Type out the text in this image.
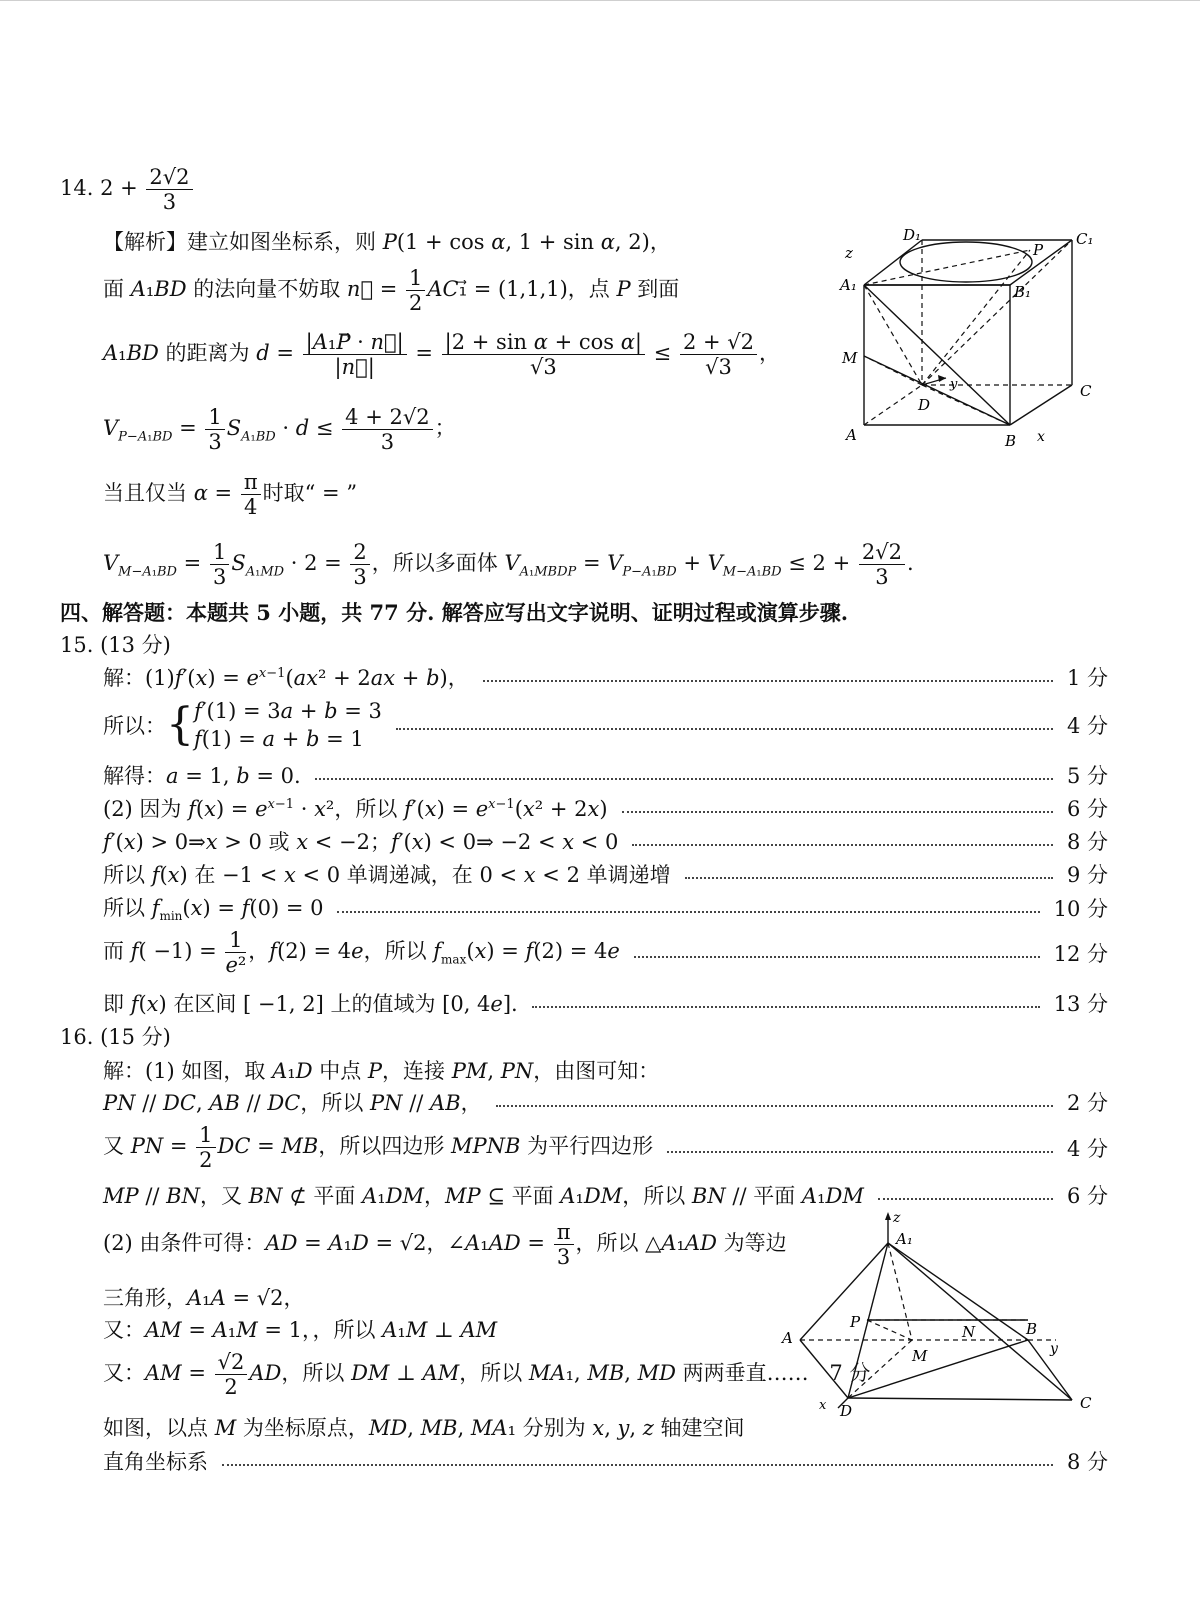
14. $2 + \frac{2√2}{3}$
【解析】建立如图坐标系，则 P(1 + cos α, 1 + sin α, 2)，
面 A₁BD 的法向量不妨取 n⃗ = $\frac{1}{2}$ AC₁⃗ = (1,1,1)，点 P 到面
A₁BD 的距离为 $d = \frac{\text{|A₁P⃗ · n⃗|}}{|n⃗|} = \frac{\text{|2 + sin α + cos α|}}{√3} \le \frac{2 + √2}{√3}$ ，
$V_{P-A_1BD} = \frac{1}{3} S_{A_1BD} \cdot d \le \frac{4 + 2√2}{3}$ ；
当且仅当 $\alpha = \frac{\pi}{4}$ 时取“ = ”
$V_{M-A_1BD} = \frac{1}{3} S_{A_1MD} \cdot 2 = \frac{2}{3}$ ，所以多面体 $V_{A_1MBDP} = V_{P-A_1BD} + V_{M-A_1BD} \le 2 + \frac{2√2}{3}$ .
D₁	C₁
z	P
A₁	B₁
M
y	C
D
A	B x
四、解答题：本题共 5 小题，共 77 分. 解答应写出文字说明、证明过程或演算步骤.
15. (13 分)
解：$(1)f'(x) = e^{x-1}(ax^2 + 2ax + b)$，	1 分
所以： { f′(1) = 3a + b = 3
f(1) = a + b = 1
4 分
解得：a = 1, b = 0.	5 分
(2) 因为 $f(x) = e^{x-1} \cdot x^2$，所以 $f'(x) = e^{x-1}(x^2 + 2x)$	6 分
f′(x) > 0⇒x > 0 或 x < −2；f′(x) < 0⇒ −2 < x < 0	8 分
所以 f(x) 在 −1 < x < 0 单调递减，在 0 < x < 2 单调递增	9 分
所以 $f_{min}(x) = f(0) = 0$	10 分
而 $f( -1) = \frac{1}{\text{e²}}$ ，f(2) = 4e，所以 $f_{max}(x) = f(2) = 4e$	12 分
即 f(x) 在区间 [ −1, 2] 上的值域为 [0, 4e].	13 分
16. (15 分)
解：(1) 如图，取 A₁D 中点 P，连接 PM, PN，由图可知：
PN // DC, AB // DC，所以 PN // AB，	2 分
又 PN = $\frac{1}{2}$ DC = MB，所以四边形 MPNB 为平行四边形	4 分
MP // BN，又 BN ⊄ 平面 A₁DM，MP ⊆ 平面 A₁DM，所以 BN // 平面 A₁DM	6 分
(2) 由条件可得：AD = A₁D = √2，∠A₁AD = $\frac{\pi}{3}$ ，所以 △A₁AD 为等边
三角形，A₁A = √2，
又：AM = A₁M = 1，，所以 A₁M ⊥ AM
又：AM = $\frac{√2}{2}$ AD，所以 DM ⊥ AM，所以 MA₁, MB, MD 两两垂直…… 7 分
如图，以点 M 为坐标原点，MD, MB, MA₁ 分别为 x, y, z 轴建空间
直角坐标系	8 分
z
A₁
A
P
N	B
y
M
x D	C
